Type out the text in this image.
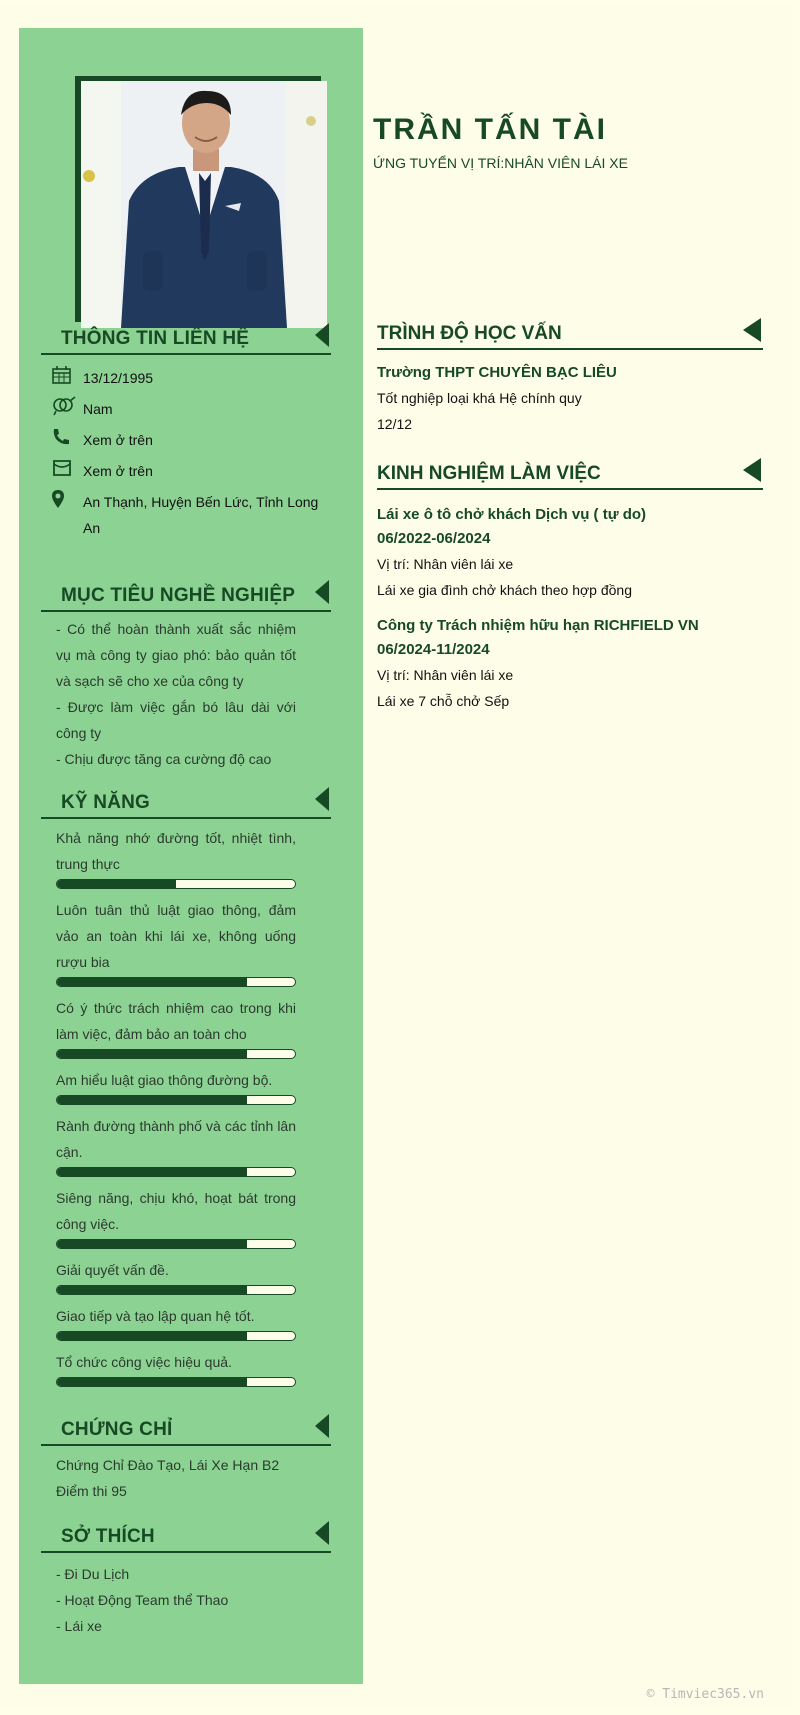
THÔNG TIN LIÊN HỆ
13/12/1995
Nam
Xem ở trên
Xem ở trên
An Thạnh, Huyện Bến Lức, Tỉnh Long An
MỤC TIÊU NGHỀ NGHIỆP
- Có thể hoàn thành xuất sắc nhiệm vụ mà công ty giao phó: bảo quản tốt và sạch sẽ cho xe của công ty
- Được làm việc gắn bó lâu dài với công ty
- Chịu được tăng ca cường độ cao
KỸ NĂNG
Khả năng nhớ đường tốt, nhiệt tình, trung thực
Luôn tuân thủ luật giao thông, đảm vảo an toàn khi lái xe, không uống rượu bia
Có ý thức trách nhiệm cao trong khi làm việc, đảm bảo an toàn cho
Am hiểu luật giao thông đường bộ.
Rành đường thành phố và các tỉnh lân cận.
Siêng năng, chịu khó, hoạt bát trong công việc.
Giải quyết vấn đề.
Giao tiếp và tạo lập quan hệ tốt.
Tổ chức công việc hiệu quả.
CHỨNG CHỈ
Chứng Chỉ Đào Tạo, Lái Xe Hạn B2
Điểm thi 95
SỞ THÍCH
- Đi Du Lịch
- Hoạt Động Team thể Thao
- Lái xe
TRẦN TẤN TÀI
ỨNG TUYỂN VỊ TRÍ:NHÂN VIÊN LÁI XE
TRÌNH ĐỘ HỌC VẤN
Trường THPT CHUYÊN BẠC LIÊU
Tốt nghiệp loại khá Hệ chính quy
12/12
KINH NGHIỆM LÀM VIỆC
Lái xe ô tô chở khách Dịch vụ ( tự do)
06/2022-06/2024
Vị trí: Nhân viên lái xe
Lái xe gia đình chở khách theo hợp đồng
Công ty Trách nhiệm hữu hạn RICHFIELD VN
06/2024-11/2024
Vị trí: Nhân viên lái xe
Lái xe 7 chỗ chở Sếp
© Timviec365.vn
